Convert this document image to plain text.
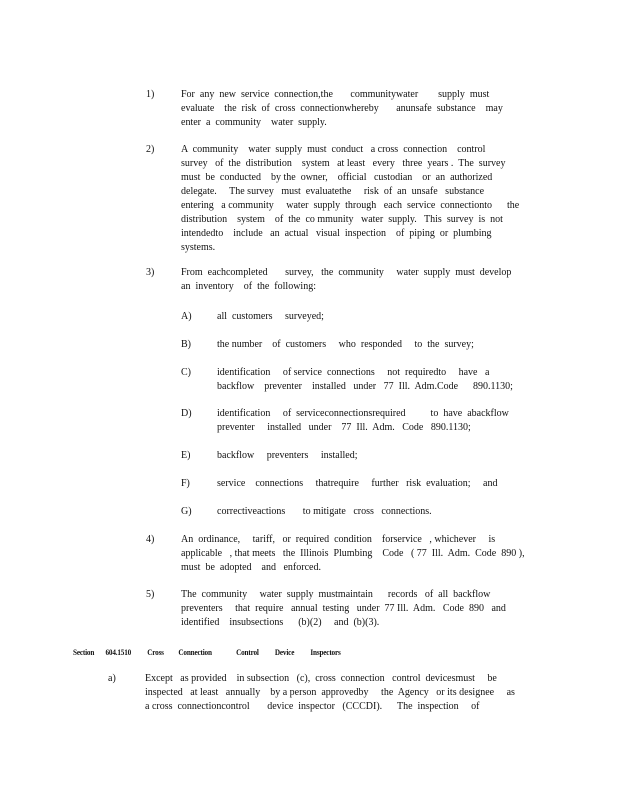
1)	For  any  new  service  connection,the       communitywater        supply  must
evaluate    the  risk  of  cross  connectionwhereby       anunsafe  substance    may
enter  a  community    water  supply.
2)	A  community    water  supply  must  conduct   a cross  connection    control
survey   of  the  distribution    system   at least   every   three  years .  The  survey
must  be  conducted    by the  owner,    official   custodian    or  an  authorized
delegate.     The survey   must  evaluatethe     risk  of  an  unsafe   substance
entering   a community     water  supply  through   each  service  connectionto      the
distribution    system    of  the  co mmunity   water  supply.   This  survey  is  not
intendedto    include   an  actual   visual  inspection    of  piping  or  plumbing
systems.
3)	From  eachcompleted       survey,   the  community     water  supply  must  develop
an  inventory    of  the  following:
A)	all  customers     surveyed;
B)	the number    of  customers     who  responded     to  the  survey;
C)	identification     of service  connections     not  requiredto     have   a
backflow    preventer    installed   under   77  Ill.  Adm.Code      890.1130;
D)	identification     of  serviceconnectionsrequired          to  have  abackflow
preventer     installed   under    77  Ill.  Adm.   Code   890.1130;
E)	backflow     preventers     installed;
F)	service    connections     thatrequire     further   risk  evaluation;     and
G)	correctiveactions       to mitigate   cross   connections.
4)	An  ordinance,     tariff,   or  required  condition    forservice   , whichever     is
applicable   , that meets   the  Illinois  Plumbing    Code   ( 77  Ill.  Adm.  Code  890 ),
must  be  adopted    and   enforced.
5)	The  community     water  supply  mustmaintain      records   of  all  backflow
preventers     that  require   annual  testing   under  77 Ill.  Adm.   Code  890   and
identified    insubsections      (b)(2)     and  (b)(3).
Section       604.1510          Cross         Connection               Control          Device          Inspectors
a)	Except   as provided    in subsection   (c),  cross  connection   control  devicesmust     be
inspected   at least   annually    by a person  approvedby     the  Agency   or its designee     as
a cross  connectioncontrol       device  inspector   (CCCDI).      The  inspection     of
